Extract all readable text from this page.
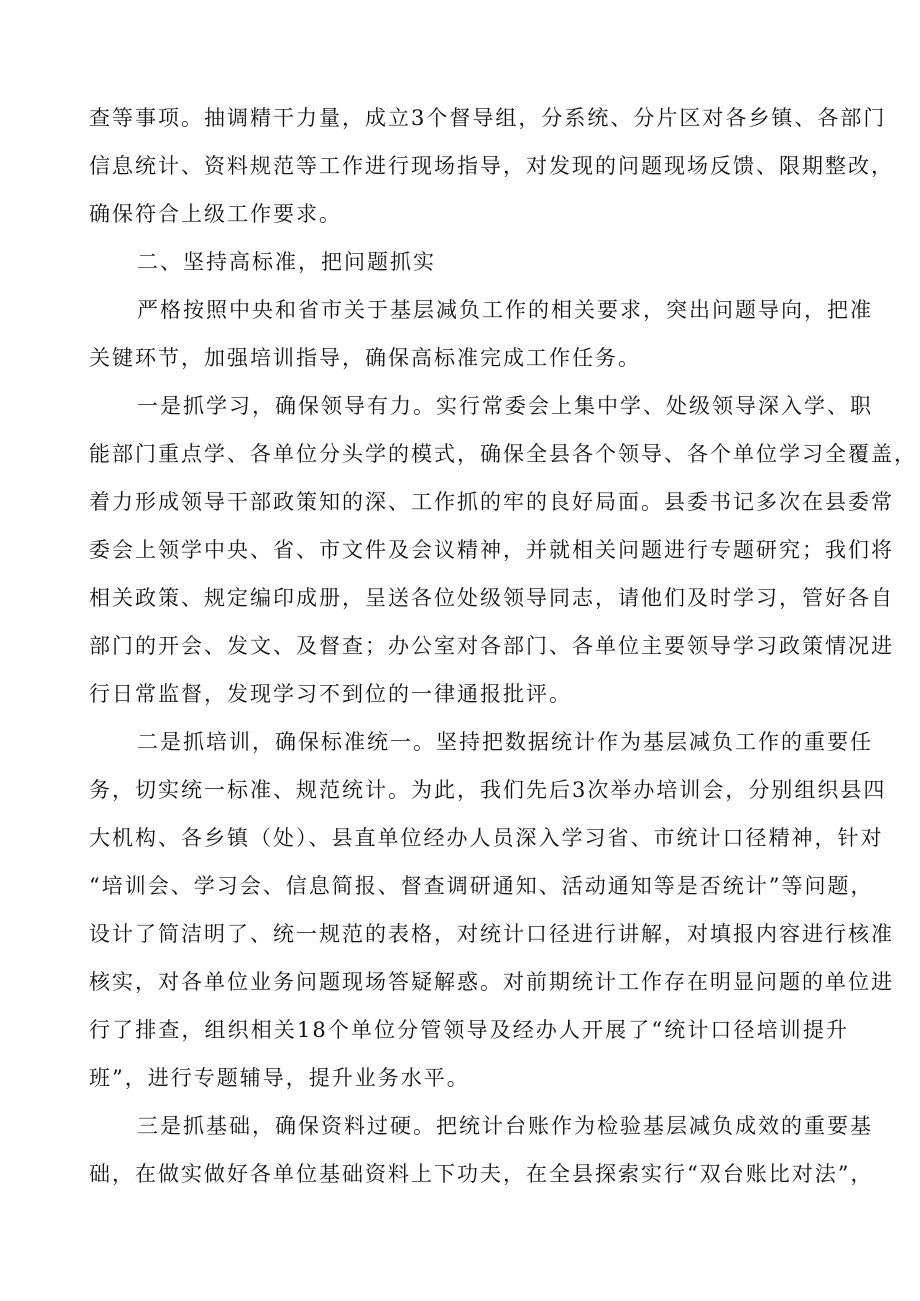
查等事项。抽调精干力量，成立3个督导组，分系统、分片区对各乡镇、各部门
信息统计、资料规范等工作进行现场指导，对发现的问题现场反馈、限期整改，
确保符合上级工作要求。
二、坚持高标准，把问题抓实
严格按照中央和省市关于基层减负工作的相关要求，突出问题导向，把准
关键环节，加强培训指导，确保高标准完成工作任务。
一是抓学习，确保领导有力。实行常委会上集中学、处级领导深入学、职
能部门重点学、各单位分头学的模式，确保全县各个领导、各个单位学习全覆盖，
着力形成领导干部政策知的深、工作抓的牢的良好局面。县委书记多次在县委常
委会上领学中央、省、市文件及会议精神，并就相关问题进行专题研究；我们将
相关政策、规定编印成册，呈送各位处级领导同志，请他们及时学习，管好各自
部门的开会、发文、及督查；办公室对各部门、各单位主要领导学习政策情况进
行日常监督，发现学习不到位的一律通报批评。
二是抓培训，确保标准统一。坚持把数据统计作为基层减负工作的重要任
务，切实统一标准、规范统计。为此，我们先后3次举办培训会，分别组织县四
大机构、各乡镇（处）、县直单位经办人员深入学习省、市统计口径精神，针对
“培训会、学习会、信息简报、督查调研通知、活动通知等是否统计”等问题，
设计了简洁明了、统一规范的表格，对统计口径进行讲解，对填报内容进行核准
核实，对各单位业务问题现场答疑解惑。对前期统计工作存在明显问题的单位进
行了排查，组织相关18个单位分管领导及经办人开展了“统计口径培训提升
班”，进行专题辅导，提升业务水平。
三是抓基础，确保资料过硬。把统计台账作为检验基层减负成效的重要基
础，在做实做好各单位基础资料上下功夫，在全县探索实行“双台账比对法”，
